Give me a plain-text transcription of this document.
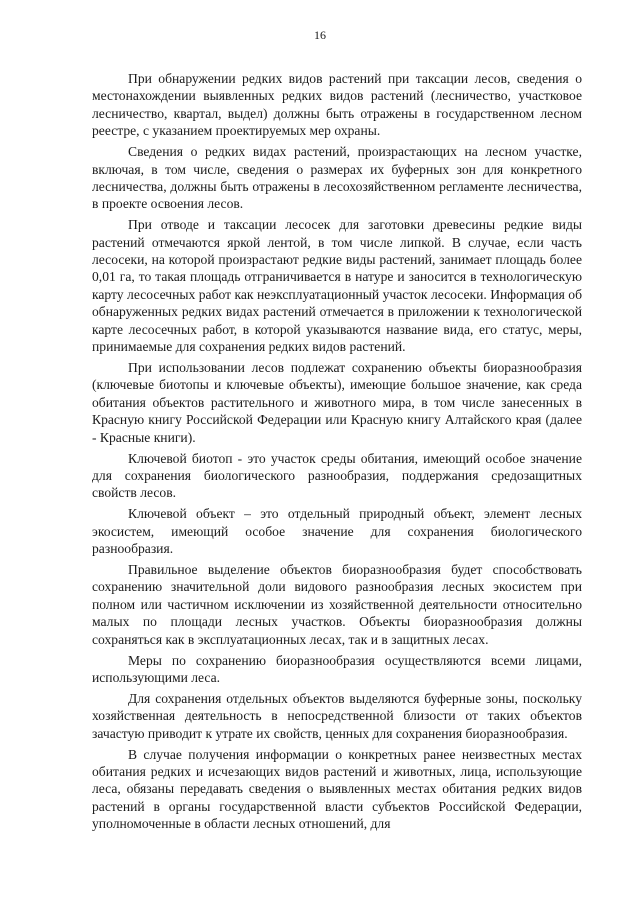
16

При обнаружении редких видов растений при таксации лесов, сведения о местонахождении выявленных редких видов растений (лесничество, участковое лесничество, квартал, выдел) должны быть отражены в государственном лесном реестре, с указанием проектируемых мер охраны.

Сведения о редких видах растений, произрастающих на лесном участке, включая, в том числе, сведения о размерах их буферных зон для конкретного лесничества, должны быть отражены в лесохозяйственном регламенте лесничества, в проекте освоения лесов.

При отводе и таксации лесосек для заготовки древесины редкие виды растений отмечаются яркой лентой, в том числе липкой. В случае, если часть лесосеки, на которой произрастают редкие виды растений, занимает площадь более 0,01 га, то такая площадь отграничивается в натуре и заносится в технологическую карту лесосечных работ как неэксплуатационный участок лесосеки. Информация об обнаруженных редких видах растений отмечается в приложении к технологической карте лесосечных работ, в которой указываются название вида, его статус, меры, принимаемые для сохранения редких видов растений.

При использовании лесов подлежат сохранению объекты биоразнообразия (ключевые биотопы и ключевые объекты), имеющие большое значение, как среда обитания объектов растительного и животного мира, в том числе занесенных в Красную книгу Российской Федерации или Красную книгу Алтайского края (далее - Красные книги).

Ключевой биотоп - это участок среды обитания, имеющий особое значение для сохранения биологического разнообразия, поддержания средозащитных свойств лесов.

Ключевой объект – это отдельный природный объект, элемент лесных экосистем, имеющий особое значение для сохранения биологического разнообразия.

Правильное выделение объектов биоразнообразия будет способствовать сохранению значительной доли видового разнообразия лесных экосистем при полном или частичном исключении из хозяйственной деятельности относительно малых по площади лесных участков. Объекты биоразнообразия должны сохраняться как в эксплуатационных лесах, так и в защитных лесах.

Меры по сохранению биоразнообразия осуществляются всеми лицами, использующими леса.

Для сохранения отдельных объектов выделяются буферные зоны, поскольку хозяйственная деятельность в непосредственной близости от таких объектов зачастую приводит к утрате их свойств, ценных для сохранения биоразнообразия.

В случае получения информации о конкретных ранее неизвестных местах обитания редких и исчезающих видов растений и животных, лица, использующие леса, обязаны передавать сведения о выявленных местах обитания редких видов растений в органы государственной власти субъектов Российской Федерации, уполномоченные в области лесных отношений, для
